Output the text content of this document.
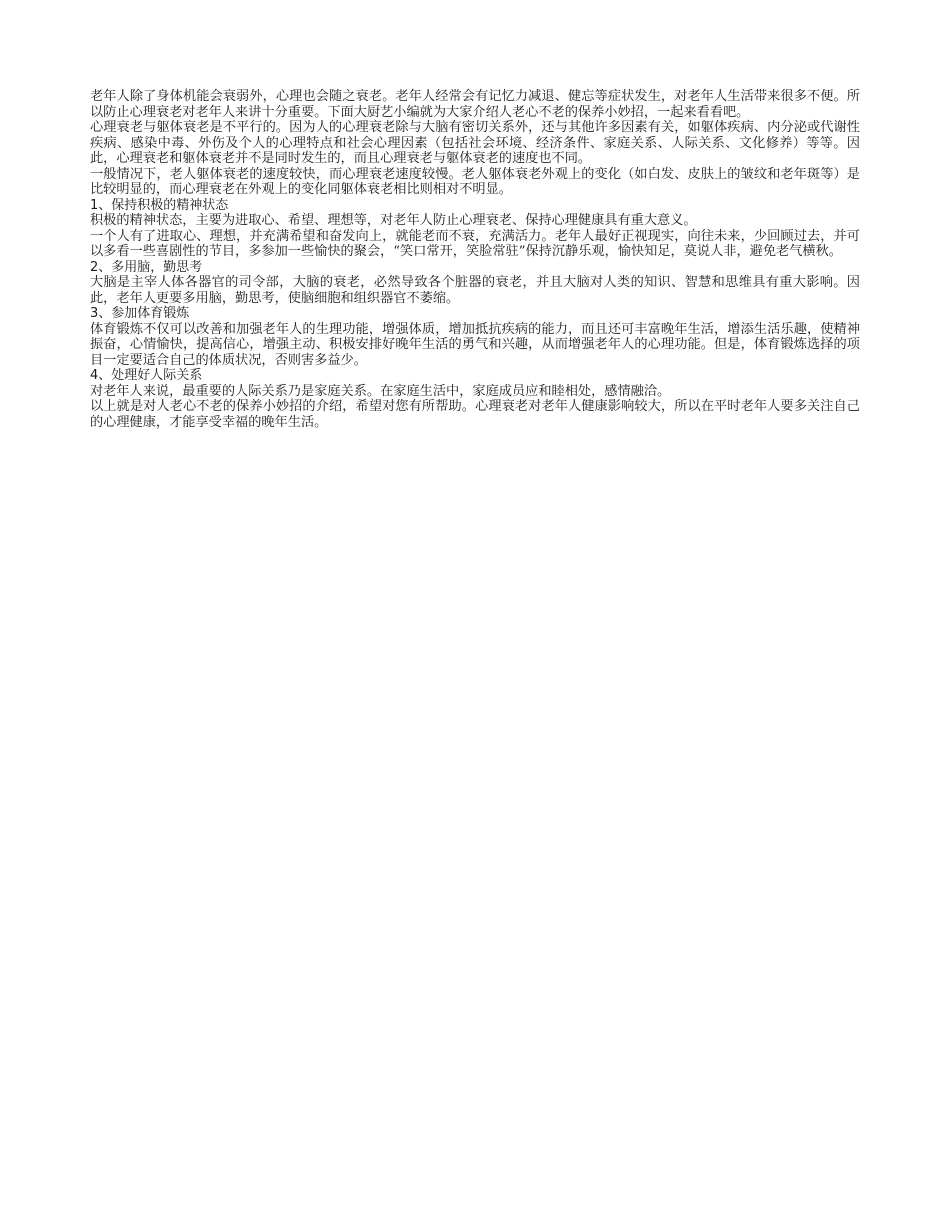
老年人除了身体机能会衰弱外，心理也会随之衰老。老年人经常会有记忆力减退、健忘等症状发生，对老年人生活带来很多不便。所以防止心理衰老对老年人来讲十分重要。下面大厨艺小编就为大家介绍人老心不老的保养小妙招，一起来看看吧。

心理衰老与躯体衰老是不平行的。因为人的心理衰老除与大脑有密切关系外，还与其他许多因素有关，如躯体疾病、内分泌或代谢性疾病、感染中毒、外伤及个人的心理特点和社会心理因素（包括社会环境、经济条件、家庭关系、人际关系、文化修养）等等。因此，心理衰老和躯体衰老并不是同时发生的，而且心理衰老与躯体衰老的速度也不同。

一般情况下，老人躯体衰老的速度较快，而心理衰老速度较慢。老人躯体衰老外观上的变化（如白发、皮肤上的皱纹和老年斑等）是比较明显的，而心理衰老在外观上的变化同躯体衰老相比则相对不明显。

1、保持积极的精神状态

积极的精神状态，主要为进取心、希望、理想等，对老年人防止心理衰老、保持心理健康具有重大意义。

一个人有了进取心、理想，并充满希望和奋发向上，就能老而不衰，充满活力。老年人最好正视现实，向往未来，少回顾过去，并可以多看一些喜剧性的节目，多参加一些愉快的聚会，“笑口常开，笑脸常驻”保持沉静乐观，愉快知足，莫说人非，避免老气横秋。

2、多用脑，勤思考

大脑是主宰人体各器官的司令部，大脑的衰老，必然导致各个脏器的衰老，并且大脑对人类的知识、智慧和思维具有重大影响。因此，老年人更要多用脑，勤思考，使脑细胞和组织器官不萎缩。

3、参加体育锻炼

体育锻炼不仅可以改善和加强老年人的生理功能，增强体质，增加抵抗疾病的能力，而且还可丰富晚年生活，增添生活乐趣，使精神振奋，心情愉快，提高信心，增强主动、积极安排好晚年生活的勇气和兴趣，从而增强老年人的心理功能。但是，体育锻炼选择的项目一定要适合自己的体质状况，否则害多益少。

4、处理好人际关系

对老年人来说，最重要的人际关系乃是家庭关系。在家庭生活中，家庭成员应和睦相处，感情融洽。

以上就是对人老心不老的保养小妙招的介绍，希望对您有所帮助。心理衰老对老年人健康影响较大，所以在平时老年人要多关注自己的心理健康，才能享受幸福的晚年生活。
